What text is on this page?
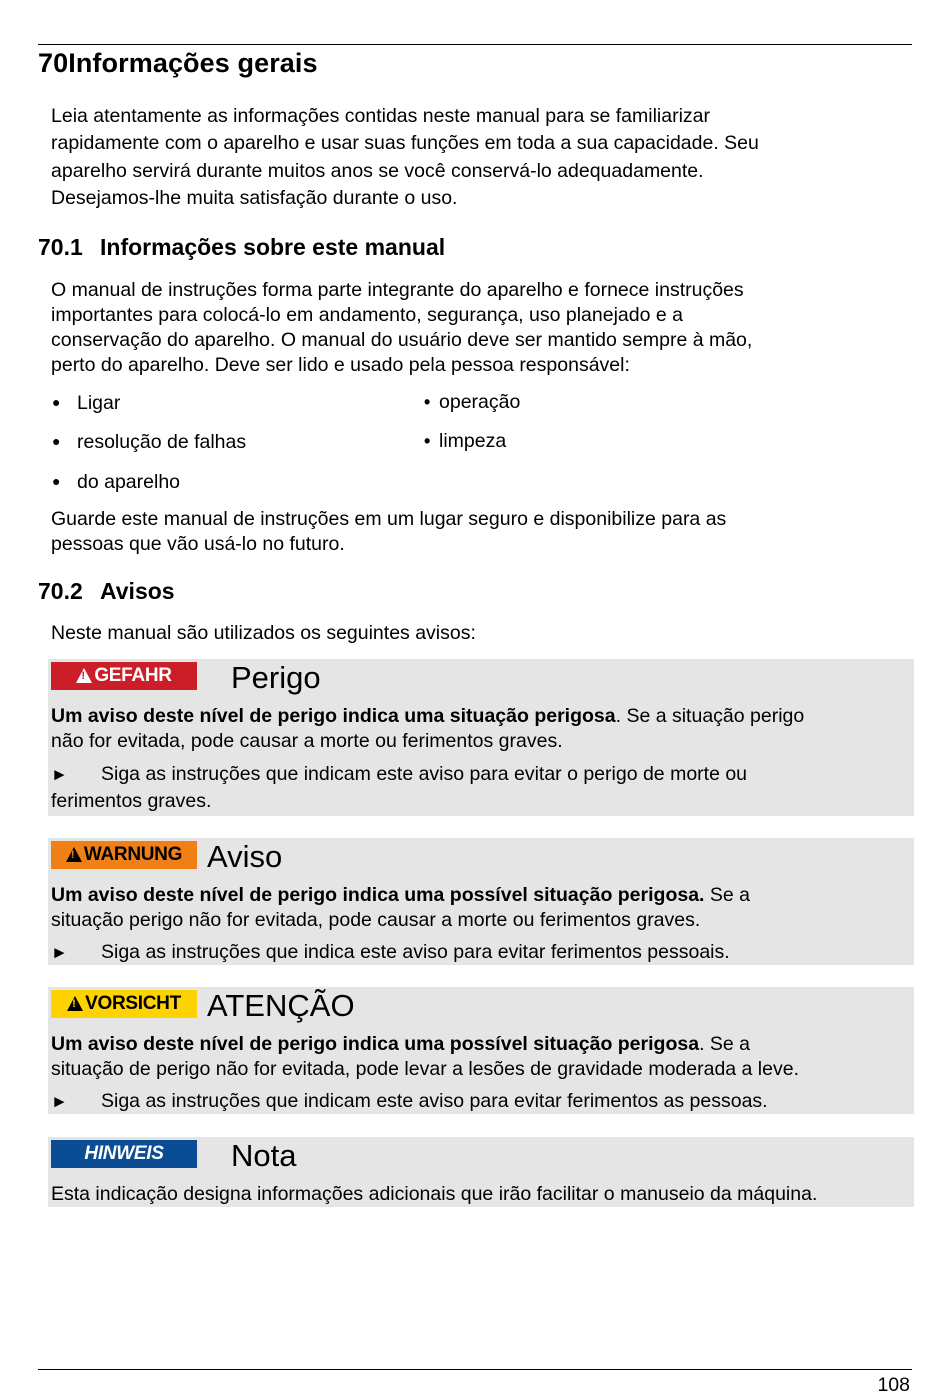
70Informações gerais
Leia atentamente as informações contidas neste manual para se familiarizar
rapidamente com o aparelho e usar suas funções em toda a sua capacidade. Seu
aparelho servirá durante muitos anos se você conservá-lo adequadamente.
Desejamos-lhe muita satisfação durante o uso.
70.1 Informações sobre este manual
O manual de instruções forma parte integrante do aparelho e fornece instruções
importantes para colocá-lo em andamento, segurança, uso planejado e a
conservação do aparelho. O manual do usuário deve ser mantido sempre à mão,
perto do aparelho. Deve ser lido e usado pela pessoa responsável:
● Ligar
● resolução de falhas
● do aparelho
• operação
• limpeza
Guarde este manual de instruções em um lugar seguro e disponibilize para as
pessoas que vão usá-lo no futuro.
70.2 Avisos
Neste manual são utilizados os seguintes avisos:
!GEFAHR	Perigo
Um aviso deste nível de perigo indica uma situação perigosa. Se a situação perigo
não for evitada, pode causar a morte ou ferimentos graves.
► Siga as instruções que indicam este aviso para evitar o perigo de morte ou
ferimentos graves.
!WARNUNG Aviso
Um aviso deste nível de perigo indica uma possível situação perigosa. Se a
situação perigo não for evitada, pode causar a morte ou ferimentos graves.
► Siga as instruções que indica este aviso para evitar ferimentos pessoais.
!VORSICHT ATENÇÃO
Um aviso deste nível de perigo indica uma possível situação perigosa. Se a
situação de perigo não for evitada, pode levar a lesões de gravidade moderada a leve.
► Siga as instruções que indicam este aviso para evitar ferimentos as pessoas.
HINWEIS	Nota
Esta indicação designa informações adicionais que irão facilitar o manuseio da máquina.
108
